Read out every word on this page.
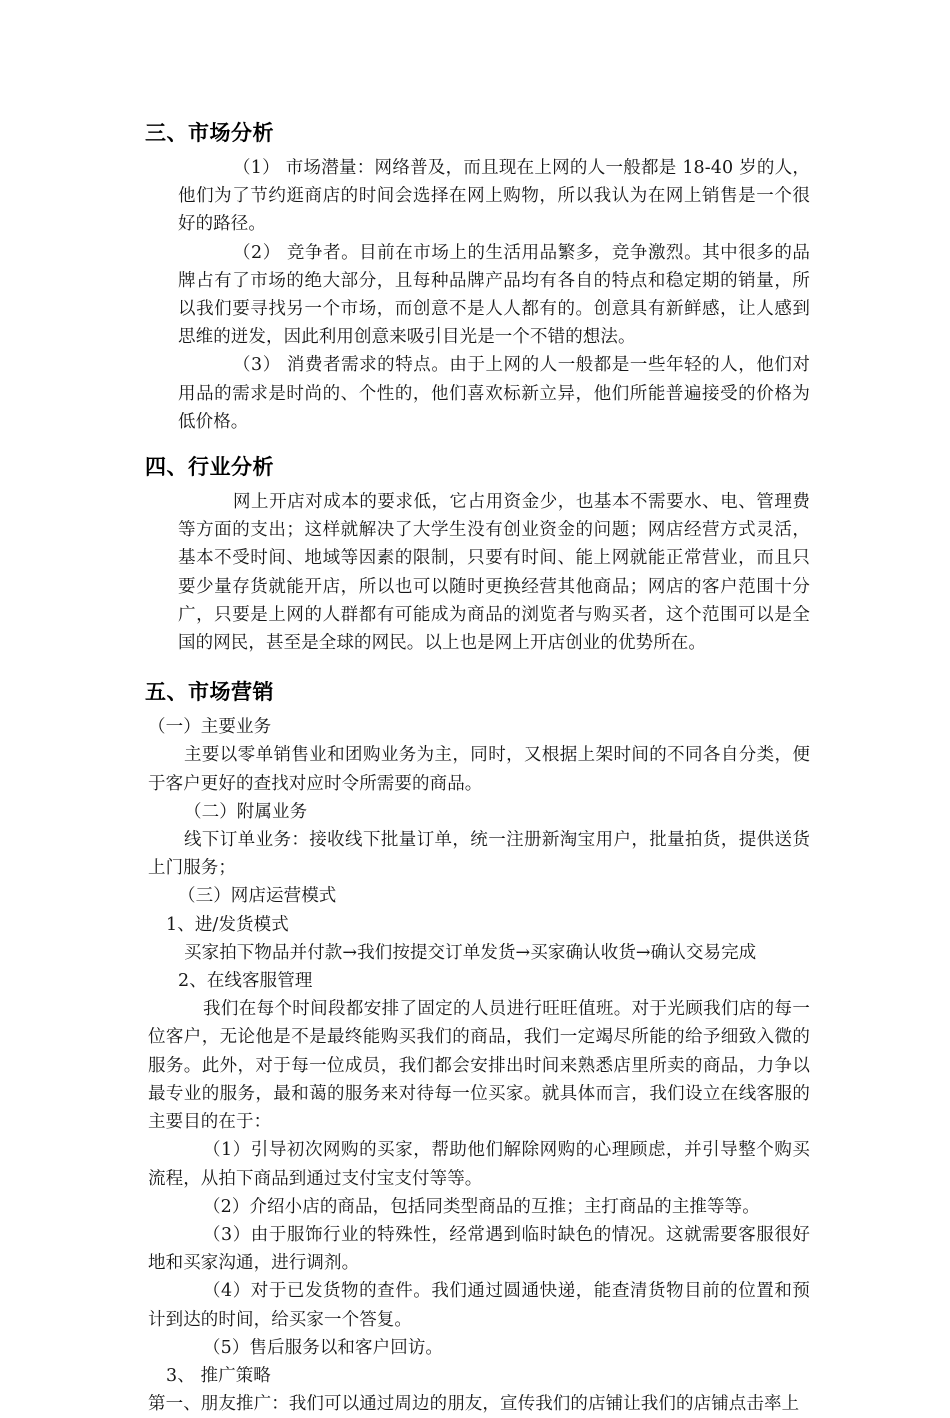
三、市场分析

（1） 市场潜量：网络普及，而且现在上网的人一般都是 18-40 岁的人，他们为了节约逛商店的时间会选择在网上购物，所以我认为在网上销售是一个很好的路径。

（2） 竞争者。目前在市场上的生活用品繁多，竞争激烈。其中很多的品牌占有了市场的绝大部分，且每种品牌产品均有各自的特点和稳定期的销量，所以我们要寻找另一个市场，而创意不是人人都有的。创意具有新鲜感，让人感到思维的迸发，因此利用创意来吸引目光是一个不错的想法。

（3） 消费者需求的特点。由于上网的人一般都是一些年轻的人，他们对用品的需求是时尚的、个性的，他们喜欢标新立异，他们所能普遍接受的价格为低价格。

四、行业分析

网上开店对成本的要求低，它占用资金少，也基本不需要水、电、管理费等方面的支出；这样就解决了大学生没有创业资金的问题；网店经营方式灵活，基本不受时间、地域等因素的限制，只要有时间、能上网就能正常营业，而且只要少量存货就能开店，所以也可以随时更换经营其他商品；网店的客户范围十分广，只要是上网的人群都有可能成为商品的浏览者与购买者，这个范围可以是全国的网民，甚至是全球的网民。以上也是网上开店创业的优势所在。

五、市场营销

（一）主要业务

主要以零单销售业和团购业务为主，同时，又根据上架时间的不同各自分类，便于客户更好的查找对应时令所需要的商品。

（二）附属业务

线下订单业务：接收线下批量订单，统一注册新淘宝用户，批量拍货，提供送货上门服务；

（三）网店运营模式

1、进/发货模式

买家拍下物品并付款→我们按提交订单发货→买家确认收货→确认交易完成

2、在线客服管理

我们在每个时间段都安排了固定的人员进行旺旺值班。对于光顾我们店的每一位客户，无论他是不是最终能购买我们的商品，我们一定竭尽所能的给予细致入微的服务。此外，对于每一位成员，我们都会安排出时间来熟悉店里所卖的商品，力争以最专业的服务，最和蔼的服务来对待每一位买家。就具体而言，我们设立在线客服的主要目的在于：

（1）引导初次网购的买家，帮助他们解除网购的心理顾虑，并引导整个购买流程，从拍下商品到通过支付宝支付等等。

（2）介绍小店的商品，包括同类型商品的互推；主打商品的主推等等。

（3）由于服饰行业的特殊性，经常遇到临时缺色的情况。这就需要客服很好地和买家沟通，进行调剂。

（4）对于已发货物的查件。我们通过圆通快递，能查清货物目前的位置和预计到达的时间，给买家一个答复。

（5）售后服务以和客户回访。

3、 推广策略

第一、朋友推广：我们可以通过周边的朋友，宣传我们的店铺让我们的店铺点击率上
